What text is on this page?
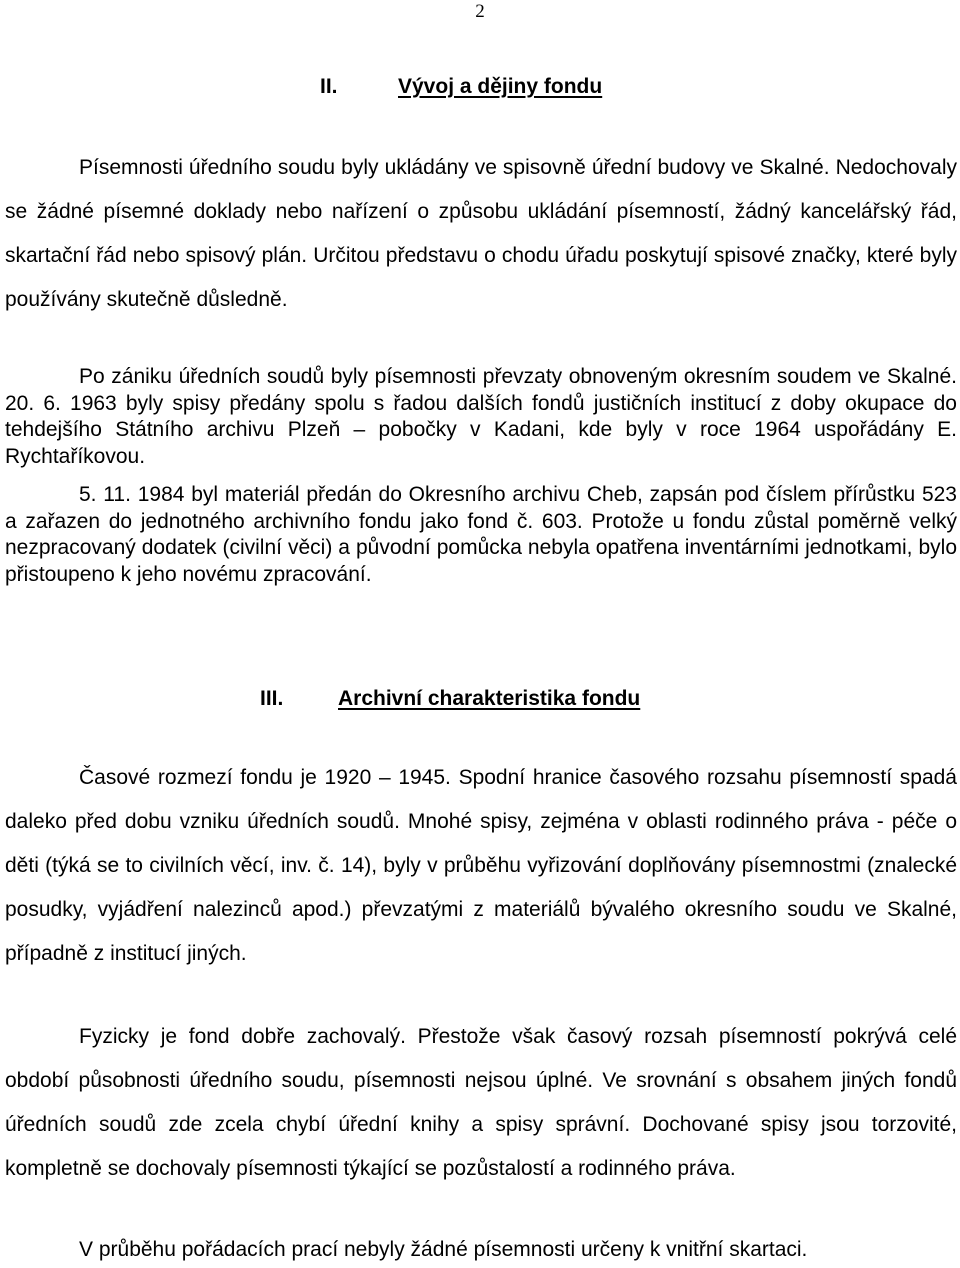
2
II.	Vývoj a dějiny fondu

Písemnosti úředního soudu byly ukládány ve spisovně úřední budovy ve Skalné. Nedochovaly se žádné písemné doklady nebo nařízení o způsobu ukládání písemností, žádný kancelářský řád, skartační řád nebo spisový plán. Určitou představu o chodu úřadu poskytují spisové značky, které byly používány skutečně důsledně.

Po zániku úředních soudů byly písemnosti převzaty obnoveným okresním soudem ve Skalné. 20. 6. 1963 byly spisy předány spolu s řadou dalších fondů justičních institucí z doby okupace do tehdejšího Státního archivu Plzeň – pobočky v Kadani, kde byly v roce 1964 uspořádány E. Rychtaříkovou.

5. 11. 1984 byl materiál předán do Okresního archivu Cheb, zapsán pod číslem přírůstku 523 a zařazen do jednotného archivního fondu jako fond č. 603. Protože u fondu zůstal poměrně velký nezpracovaný dodatek (civilní věci) a původní pomůcka nebyla opatřena inventárními jednotkami, bylo přistoupeno k jeho novému zpracování.

III.	Archivní charakteristika fondu

Časové rozmezí fondu je 1920 – 1945. Spodní hranice časového rozsahu písemností spadá daleko před dobu vzniku úředních soudů. Mnohé spisy, zejména v oblasti rodinného práva - péče o děti (týká se to civilních věcí, inv. č. 14), byly v průběhu vyřizování doplňovány písemnostmi (znalecké posudky, vyjádření nalezinců apod.) převzatými z materiálů bývalého okresního soudu ve Skalné, případně z institucí jiných.

Fyzicky je fond dobře zachovalý. Přestože však časový rozsah písemností pokrývá celé období působnosti úředního soudu, písemnosti nejsou úplné. Ve srovnání s obsahem jiných fondů úředních soudů zde zcela chybí úřední knihy a spisy správní. Dochované spisy jsou torzovité, kompletně se dochovaly písemnosti týkající se pozůstalostí a rodinného práva.

V průběhu pořádacích prací nebyly žádné písemnosti určeny k vnitřní skartaci.
